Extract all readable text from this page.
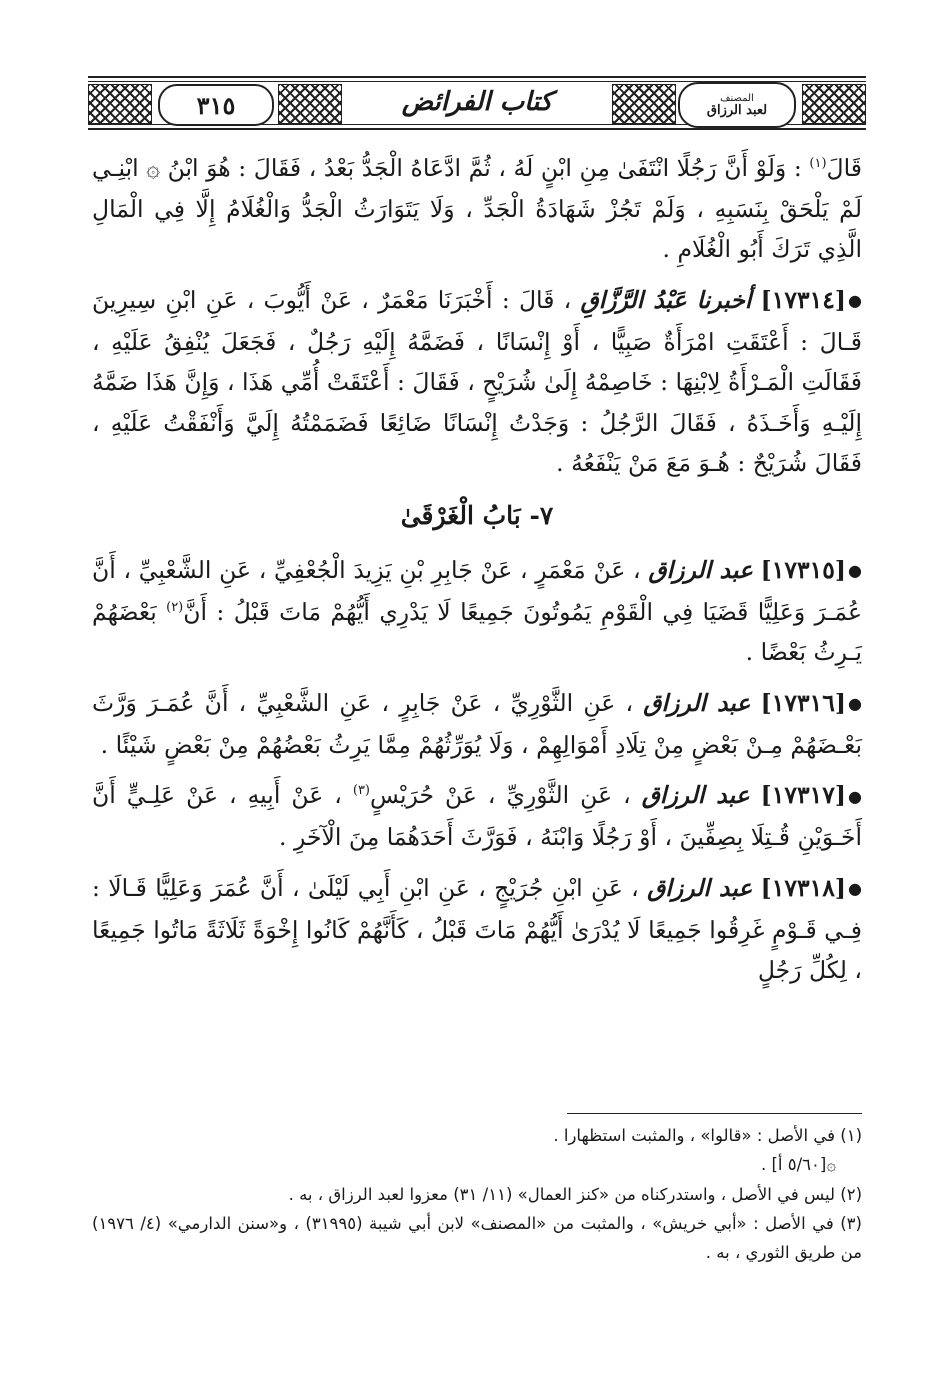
٣١٥	كتاب الفرائض	المصنف
لعبد الرزاق

قَالَ$^{(١)}$ : وَلَوْ أَنَّ رَجُلًا انْتَفَىٰ مِنِ ابْنٍ لَهُ ، ثُمَّ ادَّعَاهُ الْجَدُّ بَعْدُ ، فَقَالَ : هُوَ ابْنُ ۞ ابْنِـي لَمْ يَلْحَقْ بِنَسَبِهِ ، وَلَمْ تَجُزْ شَهَادَةُ الْجَدِّ ، وَلَا يَتَوَارَثُ الْجَدُّ وَالْغُلَامُ إِلَّا فِي الْمَالِ الَّذِي تَرَكَ أَبُو الْغُلَامِ .

●[١٧٣١٤] أخبرنا عَبْدُ الرَّزَّاقِ ، قَالَ : أَخْبَرَنَا مَعْمَرٌ ، عَنْ أَيُّوبَ ، عَنِ ابْنِ سِيرِينَ قَـالَ : أَعْتَقَتِ امْرَأَةٌ صَبِيًّا ، أَوْ إِنْسَانًا ، فَضَمَّهُ إِلَيْهِ رَجُلٌ ، فَجَعَلَ يُنْفِقُ عَلَيْهِ ، فَقَالَتِ الْمَـرْأَةُ لِابْنِهَا : خَاصِمْهُ إِلَىٰ شُرَيْحٍ ، فَقَالَ : أَعْتَقَتْ أُمِّي هَذَا ، وَإِنَّ هَذَا ضَمَّهُ إِلَيْـهِ وَأَخَـذَهُ ، فَقَالَ الرَّجُلُ : وَجَدْتُ إِنْسَانًا ضَائِعًا فَضَمَمْتُهُ إِلَيَّ وَأَنْفَقْتُ عَلَيْهِ ، فَقَالَ شُرَيْحٌ : هُـوَ مَعَ مَنْ يَنْفَعُهُ .

٧- بَابُ الْغَرْقَىٰ

●[١٧٣١٥] عبد الرزاق ، عَنْ مَعْمَرٍ ، عَنْ جَابِرِ بْنِ يَزِيدَ الْجُعْفِيِّ ، عَنِ الشَّعْبِيِّ ، أَنَّ عُمَـرَ وَعَلِيًّا قَضَيَا فِي الْقَوْمِ يَمُوتُونَ جَمِيعًا لَا يَدْرِي أَيُّهُمْ مَاتَ قَبْلُ : أَنَّ$^{(٢)}$ بَعْضَهُمْ يَـرِثُ بَعْضًا .

●[١٧٣١٦] عبد الرزاق ، عَنِ الثَّوْرِيِّ ، عَنْ جَابِرٍ ، عَنِ الشَّعْبِيِّ ، أَنَّ عُمَـرَ وَرَّثَ بَعْـضَهُمْ مِـنْ بَعْضٍ مِنْ تِلَادِ أَمْوَالِهِمْ ، وَلَا يُوَرِّثُهُمْ مِمَّا يَرِثُ بَعْضُهُمْ مِنْ بَعْضٍ شَيْئًا .

●[١٧٣١٧] عبد الرزاق ، عَنِ الثَّوْرِيِّ ، عَنْ حُرَيْسٍ$^{(٣)}$ ، عَنْ أَبِيهِ ، عَنْ عَلِـيٍّ أَنَّ أَخَـوَيْنِ قُـتِلَا بِصِفِّينَ ، أَوْ رَجُلًا وَابْنَهُ ، فَوَرَّثَ أَحَدَهُمَا مِنَ الْآخَرِ .

●[١٧٣١٨] عبد الرزاق ، عَنِ ابْنِ جُرَيْجٍ ، عَنِ ابْنِ أَبِي لَيْلَىٰ ، أَنَّ عُمَرَ وَعَلِيًّا قَـالَا : فِـي قَـوْمٍ غَرِقُوا جَمِيعًا لَا يُدْرَىٰ أَيُّهُمْ مَاتَ قَبْلُ ، كَأَنَّهُمْ كَانُوا إِخْوَةً ثَلَاثَةً مَاتُوا جَمِيعًا ، لِكُلِّ رَجُلٍ

(١) في الأصل : «قالوا» ، والمثبت استظهارا .

۞[٥/٦٠ أ] .

(٢) ليس في الأصل ، واستدركناه من «كنز العمال» (١١/ ٣١) معزوا لعبد الرزاق ، به .

(٣) في الأصل : «أبي خريش» ، والمثبت من «المصنف» لابن أبي شيبة (٣١٩٩٥) ، و«سنن الدارمي» (٤/ ١٩٧٦) من طريق الثوري ، به .
